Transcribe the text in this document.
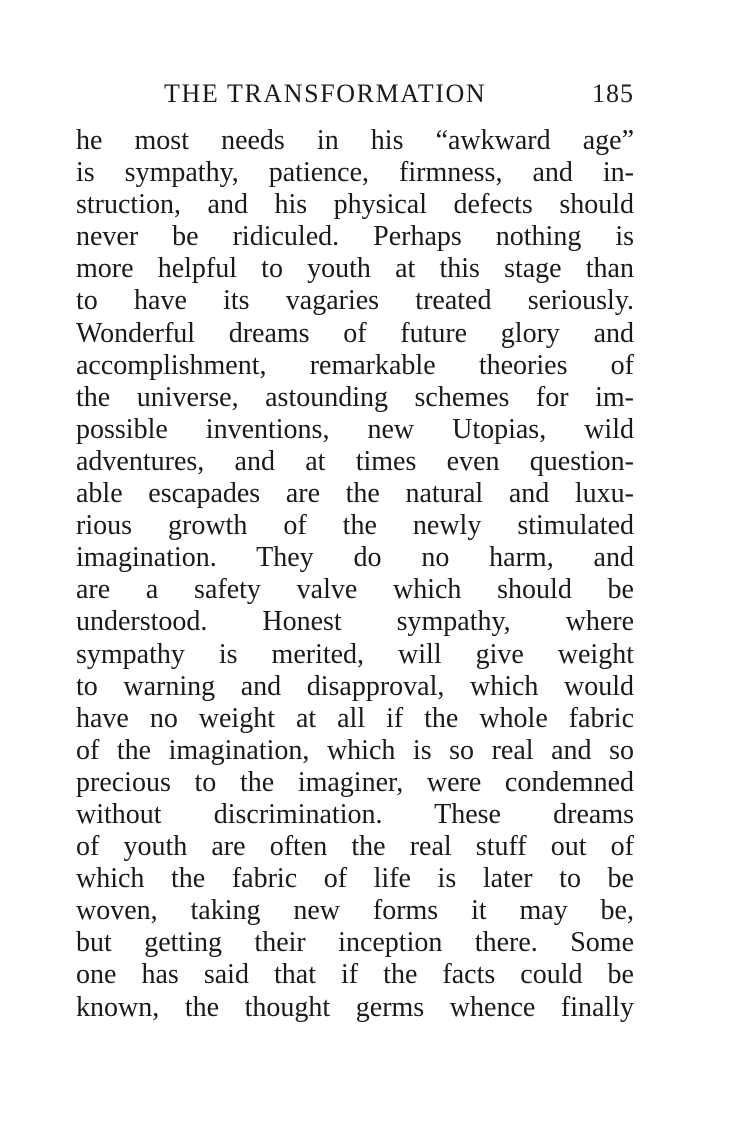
THE TRANSFORMATION	185
he most needs in his “awkward age”
is sympathy, patience, firmness, and in-
struction, and his physical defects should
never be ridiculed. Perhaps nothing is
more helpful to youth at this stage than
to have its vagaries treated seriously.
Wonderful dreams of future glory and
accomplishment, remarkable theories of
the universe, astounding schemes for im-
possible inventions, new Utopias, wild
adventures, and at times even question-
able escapades are the natural and luxu-
rious growth of the newly stimulated
imagination. They do no harm, and
are a safety valve which should be
understood. Honest sympathy, where
sympathy is merited, will give weight
to warning and disapproval, which would
have no weight at all if the whole fabric
of the imagination, which is so real and so
precious to the imaginer, were condemned
without discrimination. These dreams
of youth are often the real stuff out of
which the fabric of life is later to be
woven, taking new forms it may be,
but getting their inception there. Some
one has said that if the facts could be
known, the thought germs whence finally
